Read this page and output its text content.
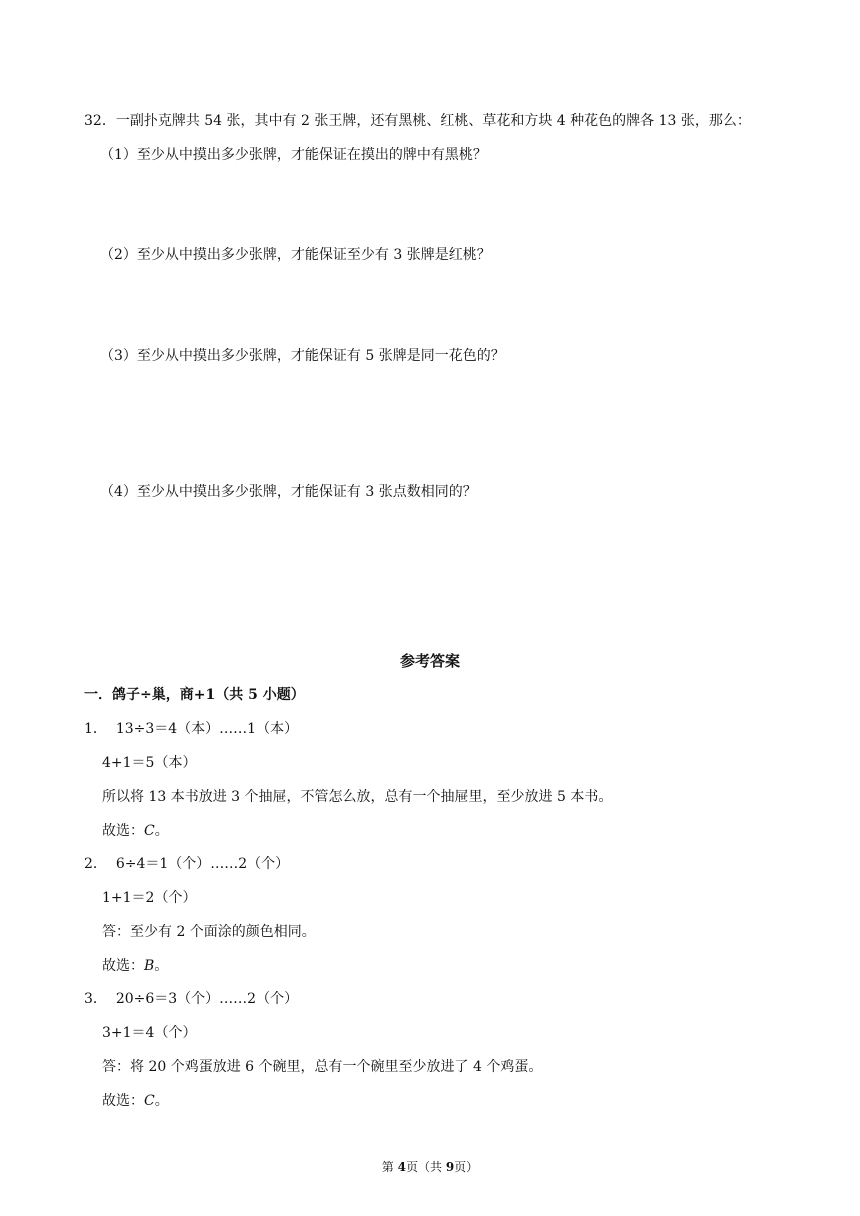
32．一副扑克牌共 54 张，其中有 2 张王牌，还有黑桃、红桃、草花和方块 4 种花色的牌各 13 张，那么：
（1）至少从中摸出多少张牌，才能保证在摸出的牌中有黑桃？
（2）至少从中摸出多少张牌，才能保证至少有 3 张牌是红桃？
（3）至少从中摸出多少张牌，才能保证有 5 张牌是同一花色的？
（4）至少从中摸出多少张牌，才能保证有 3 张点数相同的？
参考答案
一．鸽子÷巢，商+1（共 5 小题）
1． 13÷3＝4（本）……1（本）
4+1＝5（本）
所以将 13 本书放进 3 个抽屉，不管怎么放，总有一个抽屉里，至少放进 5 本书。
故选：C。
2． 6÷4＝1（个）……2（个）
1+1＝2（个）
答：至少有 2 个面涂的颜色相同。
故选：B。
3． 20÷6＝3（个）……2（个）
3+1＝4（个）
答：将 20 个鸡蛋放进 6 个碗里，总有一个碗里至少放进了 4 个鸡蛋。
故选：C。
第 4页（共 9页）
